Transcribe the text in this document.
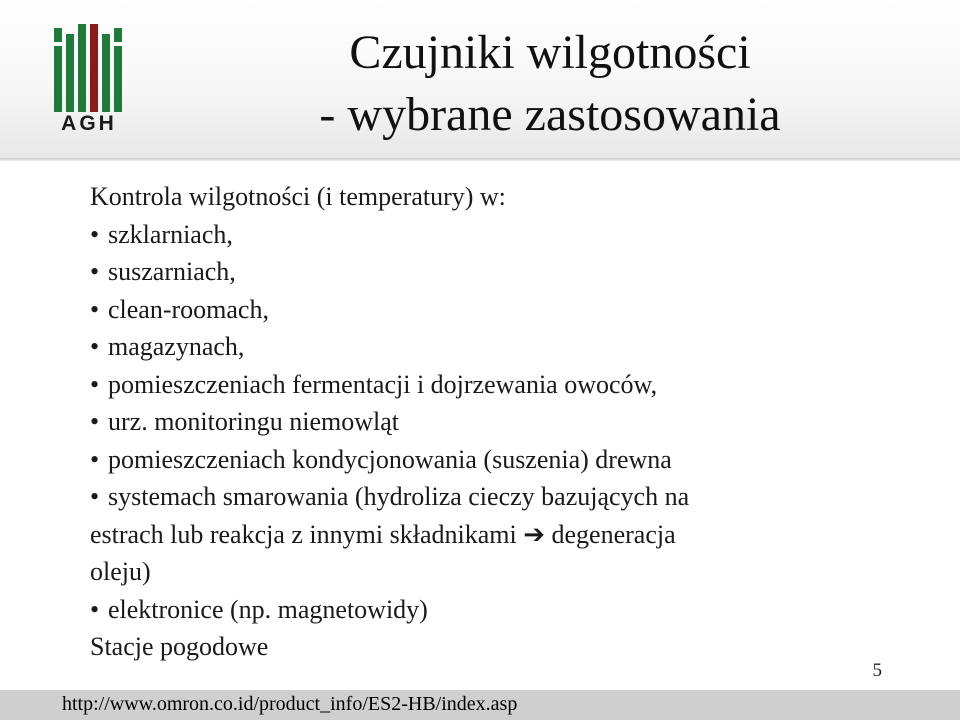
AGH
Czujniki wilgotności
- wybrane zastosowania
Kontrola wilgotności (i temperatury) w:
• szklarniach,
• suszarniach,
• clean-roomach,
• magazynach,
• pomieszczeniach fermentacji i dojrzewania owoców,
• urz. monitoringu niemowląt
• pomieszczeniach kondycjonowania (suszenia) drewna
• systemach smarowania (hydroliza cieczy bazujących na
estrach lub reakcja z innymi składnikami ➔ degeneracja
oleju)
• elektronice (np. magnetowidy)
Stacje pogodowe
5
http://www.omron.co.id/product_info/ES2-HB/index.asp
